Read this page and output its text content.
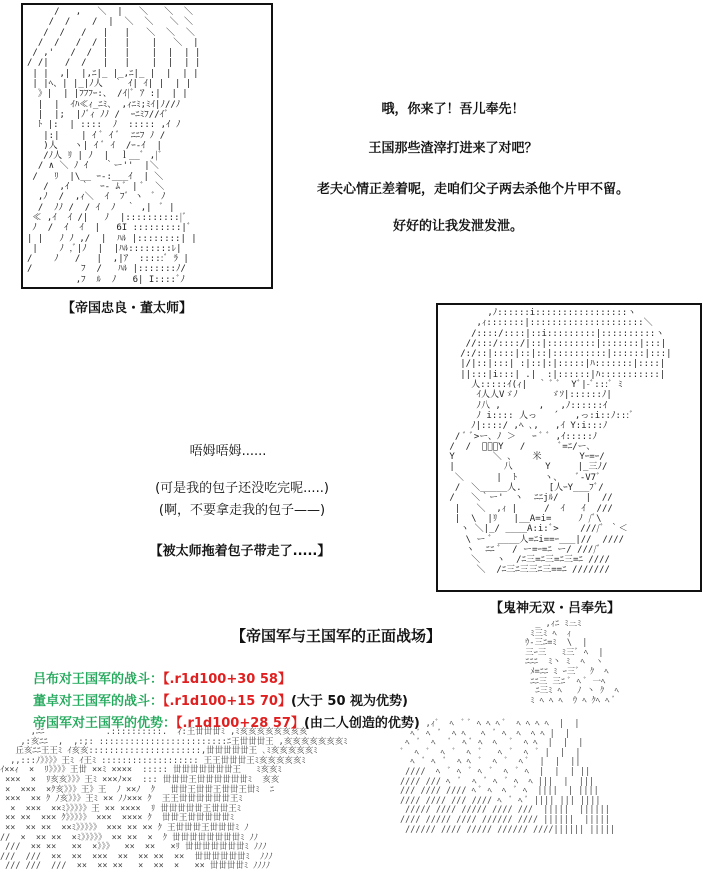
/   ,   ＼  |   ＼   ＼  ＼
/  /    /  |  ＼  ＼   ＼ ＼
/  /   /   |   |   ＼  ＼  ＼
/  /   /  / |   |    |   ＼  |
/ ,'   /  /  |   |    |  |  | |
/ /|   /  /   |   |    |  |  | |
| |  ,|  |,ﾆ|_ |_,ﾆ|_ |  |  | |
| |ﾍ、| |_|ﾉ人  ｀ ｲ| ｲ| |  | |
》|  | |ﾌﾌﾌｰ:、 /ｲ|ﾞ ｱ :|  | |
|  |  ｲﾊ≪ｨ_ﾆﾐ、 ,ｨﾆﾐ;ﾐｲ|ﾉ//ﾉ
|  |;  |ﾉﾞｨ ﾉﾉ /  ｰﾆﾐﾌ//ｲﾞ
ﾄ |:  | ::::  ﾉ  ::::: ,ｲ ﾉ
|:|    | ｲ ﾞ ｲ ﾞ  ﾆﾆﾌ ﾉ /
)人   ヽ| ｲ ﾞ ｲ  /ｰ-ｲ  |
/ﾉ人 ﾘ | ﾉ  |  ｌ__ﾞ ,|ﾞ
/ ∧ ＼ ﾉ ｲ   ｀ー''  |＼
/   ﾘ  |\__ ｰ-:___ｲ  | ＼
/  ,ｲ  ｀  ｰ- ﾑ ﾞ | ﾞ  ＼
,ﾉ  /  ,ｨ＼  ｲ  ﾌﾞ ヽ  ﾞ ﾉ
/  ﾉﾉ /  / ｲ  ﾉ  ｀ ,|  ﾞ |
≪ ,ｲ  ｲ /|   ﾉ  |::::::::::|ﾞ
ﾉ  /  ｲ  ｲ  |   6I :::::::::|ﾞ
| |   ﾉ ﾉ ,/  |  ﾊﾙ |::::::::| |
|    ﾉ ,ﾞ|ﾉ  |  |ﾊﾙ::::::::ﾚ|
/    ﾉ   /   |  ,|ｱ  :::::ﾞ ﾗ |
/         ﾌ  /   ﾊﾙ |:::::::ﾉ/
,ﾌ  ﾙ  ﾉ   6| I::::ﾞﾉ
哦，你来了！吾儿奉先！
王国那些渣滓打进来了对吧？
老夫心情正差着呢，走咱们父子两去杀他个片甲不留。
好好的让我发泄发泄。
【帝国忠良・董太师】	,ﾉ::::::i:::::::::::::::::ヽ
,ｨ:::::::|:::::::::::::::::::::＼
/::::/::::|::i:::::::::|::::::::::ヽ
//:::/::::/|::|:::::::::|:::::::|:::|
/:/::|::::|::|::|::::::::::|::::::|:::|
|/|::|:::| :|::|:|:::::|ﾊ:::::::|::::|
||:::|i:::| .|  :|::::::|ﾊ:::::::::::|
人:::::ｲ(ｨ|  ｀ ﾞ ﾞ  Yﾞ|-ﾞ:::ﾞ ﾐ
ｲ人人Vゞﾉ      ゞｿ|::::::ﾉ|
ﾉ八 ,       ,   ,ﾉ::::::ｲ
ﾉ i:::: 人っ   ´   ,っ:i::ﾉ:::ﾞ
ﾉ|::::/ ,ﾍ ､,   ,ｲ Y:i:::ﾉ
/ ﾞ ﾞ>ー、ﾉ ＞   ｰ ﾞ ﾞ ,ｲ:::::ﾉ
/  /  ﾞ、ｰY   /      ﾞ=ﾆ/ー、
Y       ＼ 、   米       Yｰ=ｰ/
|         八      Y     |_三ﾉ/
＼      |  ﾄ     ヽ、   ﾞ-V7ﾞ
/  ＼_____人.     [人ｰY___ﾌﾞ/
/   ＼｀ー'  ヽ  ﾆﾆjﾙ/     |  //
|   ＼  ,ｨ |     /  ｲ   ｲ  ///
|  \  |ﾘ   |__A=i=     ﾉ /ﾞ\
ヽ ＼|_/ ____A:i:ﾞ>    ////ﾞ ｀＜
\ ー ﾞ ____人=ﾆi==ｰ___|//  ////
ヽ  ﾆﾆ ﾞ  / ー=ｰ=ﾆ ー/ ////ﾞ
＼   ヽ  /ﾆ三=ﾆ三=ﾆ三=ﾆ ////
＼  /ﾆ三ﾆ三三ﾆ三==ﾆ ///////
唔姆唔姆......
(可是我的包子还没吃完呢.....)
(啊，不要拿走我的包子——)
【被太师拖着包子带走了.....】
【鬼神无双・吕奉先】
_ ,ｨﾆ ﾐ三ﾐ
ﾐ三ﾐ ﾍ  ｨ
ｳ-三ﾆ=ﾐ  \  |
三ｰ三   ﾐ三ﾞ ﾍ  |
ﾆﾆﾆ  ﾐ丶 ﾐ  ﾍ  ヽ
ﾒ=ﾆﾆ ﾐ ｰ三ﾞ  ｸ  ﾍ
ﾆﾆ三 三ﾆ ﾞ ﾍ ﾞ 一ﾍ
ﾆ三ﾐ ﾍ   ﾉ 丶 ｸ  ﾍ
ﾐ ﾍ ﾍ ﾍ  ｳ ﾍ ｸﾍ ﾍ ﾞ

,ﾆﾆ            .::::::::::.  ｨ:王丗丗丗ﾐ ,ﾐ亥亥亥亥亥亥亥亥
,:亥ﾆﾆ  ,  ,:;: :::::::::::::::::::::::::ﾆ王丗丗丗王 ,亥亥亥亥亥亥亥ﾐ
丘亥ﾆﾆ王王ﾐ ｲ亥亥::::::::::::::::::::::,丗丗丗丗丗王 ､ﾐ亥亥亥亥亥ﾐ
,,:::ﾉ》》》》王ﾐ ｲ王ﾐ ::::::::::::::::::: 王王丗丗丗王ﾐ亥亥亥亥亥ﾐ
ｲ××ｨ  ×  ﾘ》》》》王丗 ××ﾐ ××××  ::::: 丗丗丗丗丗丗丗王   ﾐ亥亥ﾐ
×××  ×  ﾘ亥亥》》》王ﾐ ×××ﾉ××  ::: 丗丗丗王丗丗丗丗丗丗ﾐ  亥亥
×  ×××  ×ｸ亥》》》王》王  ﾉ ××ﾉ  ｸ   丗丗王丗丗王丗丗王丗ﾐ  ﾆ
×××  ×× ｸ ﾉ亥》》》王ﾐ ×× ﾉﾉ××× ｸ  王王丗丗丗丗丗丗王ﾐ
×  ×××  ××ﾐ》》》》》王 ×× ××××  ﾘ 丗丗丗丗丗王丗丗王ﾐ
×× ××  ××× ｸ》》》》》 ×××  ×××× ｸ  丗丗王丗丗丗丗丗ﾐ
××  ×× ××  ××ﾐ》》》》》 ××× ×× ×× ｸ 王丗丗丗王丗丗丗ﾐ ﾉ
//  ×  ×× ××  ×ﾐ》》》》》 ×× ××  ×  ｸ 丗丗丗丗丗丗丗丗ﾐ ﾉﾉ
///  ×× ××   ××  ×》》》  ××  ××   ×ﾘ 丗丗丗丗丗丗丗ﾐ ﾉﾉﾉ
///  ///  ××  ××  ×××  ××  ×× ××  ××  丗丗丗丗丗丗ﾐ  ﾉﾉﾉ
/// ///  ///  ××  ×× ××   ×  ××  ×   ×× 丗丗丗丗ﾐ ﾉﾉﾉﾉ

,ｨﾞ  ﾍ  ﾞ ﾞ ﾍ ﾍ ﾍ ﾞ  ﾍ ﾍ ﾍ ﾍ  |  |
ﾍ ﾞ ﾍ  ﾞ  ﾍ ﾍ   ﾍ  ﾞ ﾍ  ﾍ  ﾍ ﾍ |  |
ﾍ  ﾞ  ﾍ   ﾞ  ﾍ ﾞ ﾍ  ﾍ   ﾞ  ﾍ ﾍ  |  |  |
ﾞ  ﾍ  ﾞ  ﾍ  ﾞ  ﾍ  ﾞ   ﾍ  ﾞ  ﾍ  ﾞ |  |  |
ﾍ  ﾞ ﾍ  ﾞ  ﾍ ﾍ  ﾞ  ﾍ  ﾞ  ﾍ ﾞ  |  |  ||
////  ﾍ  ﾞ ﾍ  ﾞ ﾍ  ﾞ  ﾍ  ﾞ ﾍ  |  |  | ||
//// /// ﾍ  ﾞ  ﾍ  ﾞ ﾍ  ﾞ ﾍ  ﾍ |||  |  |||
/// //// //// ﾍ ﾞ ﾍ  ﾍ  ﾞ ﾍ  ||||  | ||||
//// //// /// //// ﾍ  ﾞ ﾍ ﾞ |||| ||| ||||
///// //// ///// //// ///  |||||  ||||||
//// ///// //// ////// //// ||||||  |||||
////// //// ///// ////// ////|||||| |||||

【帝国军与王国军的正面战场】
吕布对王国军的战斗：【.r1d100+30 58】
董卓对王国军的战斗：【.r1d100+15 70】(大于 50 视为优势)
帝国军对王国军的优势：【.r1d100+28 57】(由二人创造的优势)
